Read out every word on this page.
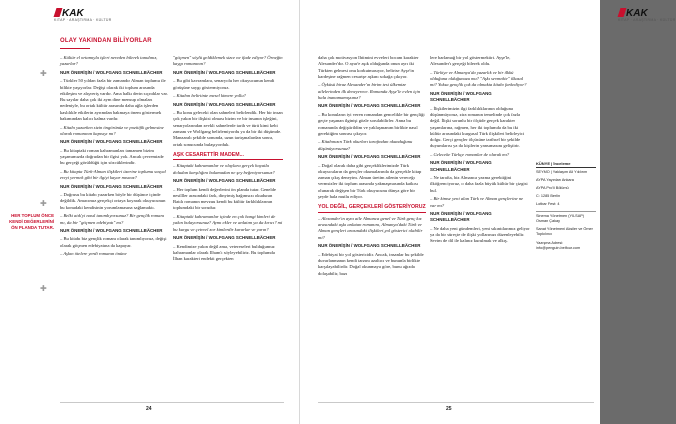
KAK
KITAP · ARAŞTIRMA · KÜLTÜR
OLAY YAKINDAN BİLİYORLAR
✚
✚
✚
HER TOPLUM ÖNCE KENDİ DEĞERLERİNİ ÖN PLANDA TUTAR.

– Kültür el ortamıyla işleri nereden bilerek tanıdınız, yazarlar?

NUR ÖNERİŞİN / WOLFGANG SCHNELLBÄCHER

– Türkler 50 yıldan fazla bir zamandır Alman toplumu ile bilikte yaşıyorlar. Değişi olarak iki toplum arasında etkileşim ve alışveriş vardır. Ama halkı derin sıçrıdılar var. Bu sayılar daha çok iki aym dine mensup olmaları nedeniyle, bu ortak kültür arasında daha ağla işlerden kaslılıkle etkilerin ayrımdan bakmaya önem göstermek bakımından kalıcı kalma vardır.

– Kitabı yazarken sizin öngörünüz ve pozitifik gelmesine olarak romanının kapısıyı mı?

NUR ÖNERİŞİN / WOLFGANG SCHNELLBÄCHER

– Bu kitaptaki roman kahramanları tamamen bizim yaşamımızda doğrudan bir ilgisi yok. Ancak çevremizde bu gerçeği görüldüğü için sözcüklerindir.

– Bu kitapta Türk-Alman ilişkileri üzerine toplumu sosyal ereyi yermek gibi bir ilgiyi kayar mısınız?

NUR ÖNERİŞİN / WOLFGANG SCHNELLBÄCHER

– Doğrusu bu kitabı yazarken böyle bir düşünce içinde değildik. Amacımız gerçekçi ortaya koyarak okuyucunun bu konudaki kendisinin yorumlamasına sağlamaktı.

– Belki atık'yi nasıl tanımlıyorsunuz? Bir gençlik romanı mı, da bir "göçmen edebiyatı" mı?

NUR ÖNERİŞİN / WOLFGANG SCHNELLBÄCHER

– Bu kitabı biz gençlik romanı olarak tanımlıyoruz, değişi olarak göçmen edebiyatına da kapayar.

– Aşkın ötelere yerdi romanın önüne

"göçmen" söylü geldiklemek sizce ne ifade ediyor? Örneğin kaygı romanının?

NUR ÖNERİŞİN / WOLFGANG SCHNELLBÄCHER

– Bu gibi kavramlara, senaryolu her okuyucunun kendi görüşüne saygı göstermiyoruz.

– Kitabın belirtinte mesel kimere yollu?

NUR ÖNERİŞİN / WOLFGANG SCHNELLBÄCHER

– Bu konu geleceki olan sahneleri belirlendik. Her bir insan çok yakın bir ilişkisi olması bizim ve bir insanın işleğini, senaryolarından zevkli sahnelerde tarih ve türü kimi kebi zamanı ve Wolfgang belirlemiyordu ya da bir iki düşümde. Manzaralı şekilde sonunda, uzun tartışmalardan sonra, ortak sonucunda bulaşıyorduk.

AŞK CESARETTİR MADEM...

– Kitaptaki kahramanlar ve olaylara gerçek hayatla doludan karşılığını bulamadan ne şey beğeniyorsunuz?

NUR ÖNERİŞİN / WOLFGANG SCHNELLBÄCHER

– Her toplum kendi değerlerini ön planda tutar. Genelde nesilller arasındaki fark, dinyimiş bağımsızı okuduran Batılı romanın mevzuu kendi bu kültür farkhlıklarının toplumdaki bir sorudur.

– Kitaptaki kahramanlar içinde en çok hangi kimleri de yakın bulayorsunuz? Aymı ekler ve anlatım ya da kırıcı? mi bu kurgu ve çetvvel zor kimlerdir kararlar ve yarın?

NUR ÖNERİŞİN / WOLFGANG SCHNELLBÄCHER

– Kendimize yakın değil ama, vetereseleri bulduğumuz kahramanlar olarak Ilham'ı söyleyebiliriz. Bu toplumda İlhan karakteri endekti gerçekten

24
KAK
KITAP · ARAŞTIRMA · KÜLTÜR

daha çok motivasyon Ihtimini evveleri bocam karakter Alexander'dır. O ayar'e aşık olduğunda onun ayrı iki Türkten gelmesi onu korkutmasıyor, belirtse Ayşe'in kardeşine rağmen cesurtşe aşkını sokağa çıkıyor.

– Öyküsü biraz Alexander'ın birim tesi ülkemize ailelerinden ilk deneyerece. Romanda Ayşe'le evlen için hala inanamamışsınız?

NUR ÖNERİŞİN / WOLFGANG SCHNELLBÄCHER

– Bu konuların iyi veren romandan gencelikle bir gençliği geçte yaşanan ilginişi gözle sorulabilirler. Anna bu romanında değiştirildim ve yaklaşmanım birlikte nasıl gerektiğim sonrası çıkıyor.

– Kitabınızın Türk okurları tarafından okunduğunu düşünüyorsunuz?

NUR ÖNERİŞİN / WOLFGANG SCHNELLBÄCHER

– Doğal olarak daha gibi gerçekliklerimizde Türk okuyucuların da gençler okumalarında da gerçekle kitap zaman çıkış deneyim. Alman üretim ailenin vereceğı vermsizler iki toplum arasında yakmaşmasında katkısı olunarak değişen bir Türk okuyucunu dünya göre bir şeyde hala mutlu ediyor.

YOL DEĞİL, GERÇEKLERİ GÖSTERİYORUZ

– Alexander'ın aynı aile Almanca genel ve Türk genç kız arasındaki aşkı anlatan romanını, Almanya'daki Türk ve Alman gençleri arasındaki ilişkileri,yol gösterici olabilir mi?

NUR ÖNERİŞİN / WOLFGANG SCHNELLBÄCHER

– Edebiyat bir yol göstericidir. Ancak, insanlar bu şekilde duvarlanmanın kendi tarzını azaltıcı ve bununla birlikte karşılayabilirdir. Doğal okunmaya göre, bunu ağızda dolaşabilir, bazı

lere barlamağ bir yol göstermektirt. Ayşe'le, Alexander'ı gerçeği bilerek oldu.

– Türkiye ve Almanya'da yazarlık ve bir ilkkü olduğuna olduğunuzu mu? "Aşkı sevmekte" ilkasal mi? Yoksa gençlik çok da olmakta kitabı farkediyor?

NUR ÖNERİŞİN / WOLFGANG SCHNELLBÄCHER

– İlişkilerimizin ilgi farklılıklarının olduğuna düşünmüyoruz, zira romanın temelinde çok fazla değil. İlişki sorunlu bir ölçüde gerçek karakter yaşamlarına, rağmen, her iki toplumda da bu iki kültür arasındaki kurgusal Türk ilişkileri belirleyici dolgu. Gerçi gençler ölçüsüne tarihsel bir şekilde duyumlarısı ya da kişilerin yansımasını geliştirir.

– Geleceke Türkçe romanlar de olarak mı?

NUR ÖNERİŞİN / WOLFGANG SCHNELLBÄCHER

– Ne tarafta, biz Almanca yazma gerektiğini ilköğrenciyoruz, o daha fazla büyük kültür bir çizgisi bul.

– Bir kimse yeni alan Türk ve Alman gençlerine ne var mı?

NUR ÖNERİŞİN / WOLFGANG SCHNELLBÄCHER

– Ne daha yeni gündemleri, yeni sıkıntılarımız geliyor ya da bir süreçte de ilişki yollarınızı düzenleyebilir. Sevim de dil ile kalınız kurulmak ve alkış.

KÜNYE | İnceleme

SEYMO | Yaklaşım Ali Yıldırım

AYPA Yayınları Ankara

AYPA Pro'li Bölümü

C: 1285 Berlin

Lotbar Fest: 4

Sinema Yönetmen (YILSAP) Osman Çakay

Sanat Yönetmeni Aksiler ve Ömer Topkılıncı

Yazışma Adresi: info@penguin.belfour.com

25
